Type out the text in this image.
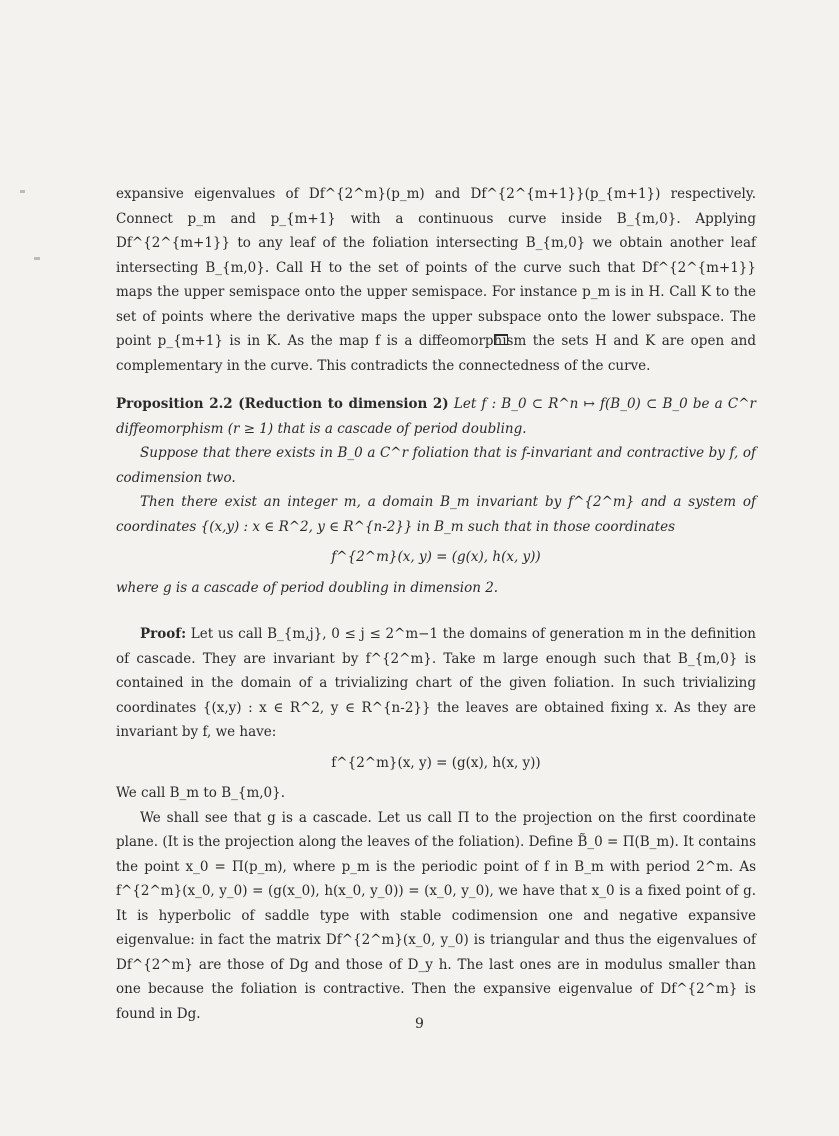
expansive eigenvalues of Df^{2^m}(p_m) and Df^{2^{m+1}}(p_{m+1}) respectively. Connect p_m and p_{m+1} with a continuous curve inside B_{m,0}. Applying Df^{2^{m+1}} to any leaf of the foliation intersecting B_{m,0} we obtain another leaf intersecting B_{m,0}. Call H to the set of points of the curve such that Df^{2^{m+1}} maps the upper semispace onto the upper semispace. For instance p_m is in H. Call K to the set of points where the derivative maps the upper subspace onto the lower subspace. The point p_{m+1} is in K. As the map f is a diffeomorphism the sets H and K are open and complementary in the curve. This contradicts the connectedness of the curve.

Proposition 2.2 (Reduction to dimension 2) Let f : B_0 ⊂ R^n ↦ f(B_0) ⊂ B_0 be a C^r diffeomorphism (r ≥ 1) that is a cascade of period doubling.

Suppose that there exists in B_0 a C^r foliation that is f-invariant and contractive by f, of codimension two.

Then there exist an integer m, a domain B_m invariant by f^{2^m} and a system of coordinates {(x,y) : x ∈ R^2, y ∈ R^{n-2}} in B_m such that in those coordinates

f^{2^m}(x, y) = (g(x), h(x, y))

where g is a cascade of period doubling in dimension 2.

Proof: Let us call B_{m,j}, 0 ≤ j ≤ 2^m−1 the domains of generation m in the definition of cascade. They are invariant by f^{2^m}. Take m large enough such that B_{m,0} is contained in the domain of a trivializing chart of the given foliation. In such trivializing coordinates {(x,y) : x ∈ R^2, y ∈ R^{n-2}} the leaves are obtained fixing x. As they are invariant by f, we have:

f^{2^m}(x, y) = (g(x), h(x, y))

We call B_m to B_{m,0}.

We shall see that g is a cascade. Let us call Π to the projection on the first coordinate plane. (It is the projection along the leaves of the foliation). Define B̃_0 = Π(B_m). It contains the point x_0 = Π(p_m), where p_m is the periodic point of f in B_m with period 2^m. As f^{2^m}(x_0, y_0) = (g(x_0), h(x_0, y_0)) = (x_0, y_0), we have that x_0 is a fixed point of g. It is hyperbolic of saddle type with stable codimension one and negative expansive eigenvalue: in fact the matrix Df^{2^m}(x_0, y_0) is triangular and thus the eigenvalues of Df^{2^m} are those of Dg and those of D_y h. The last ones are in modulus smaller than one because the foliation is contractive. Then the expansive eigenvalue of Df^{2^m} is found in Dg.

9
